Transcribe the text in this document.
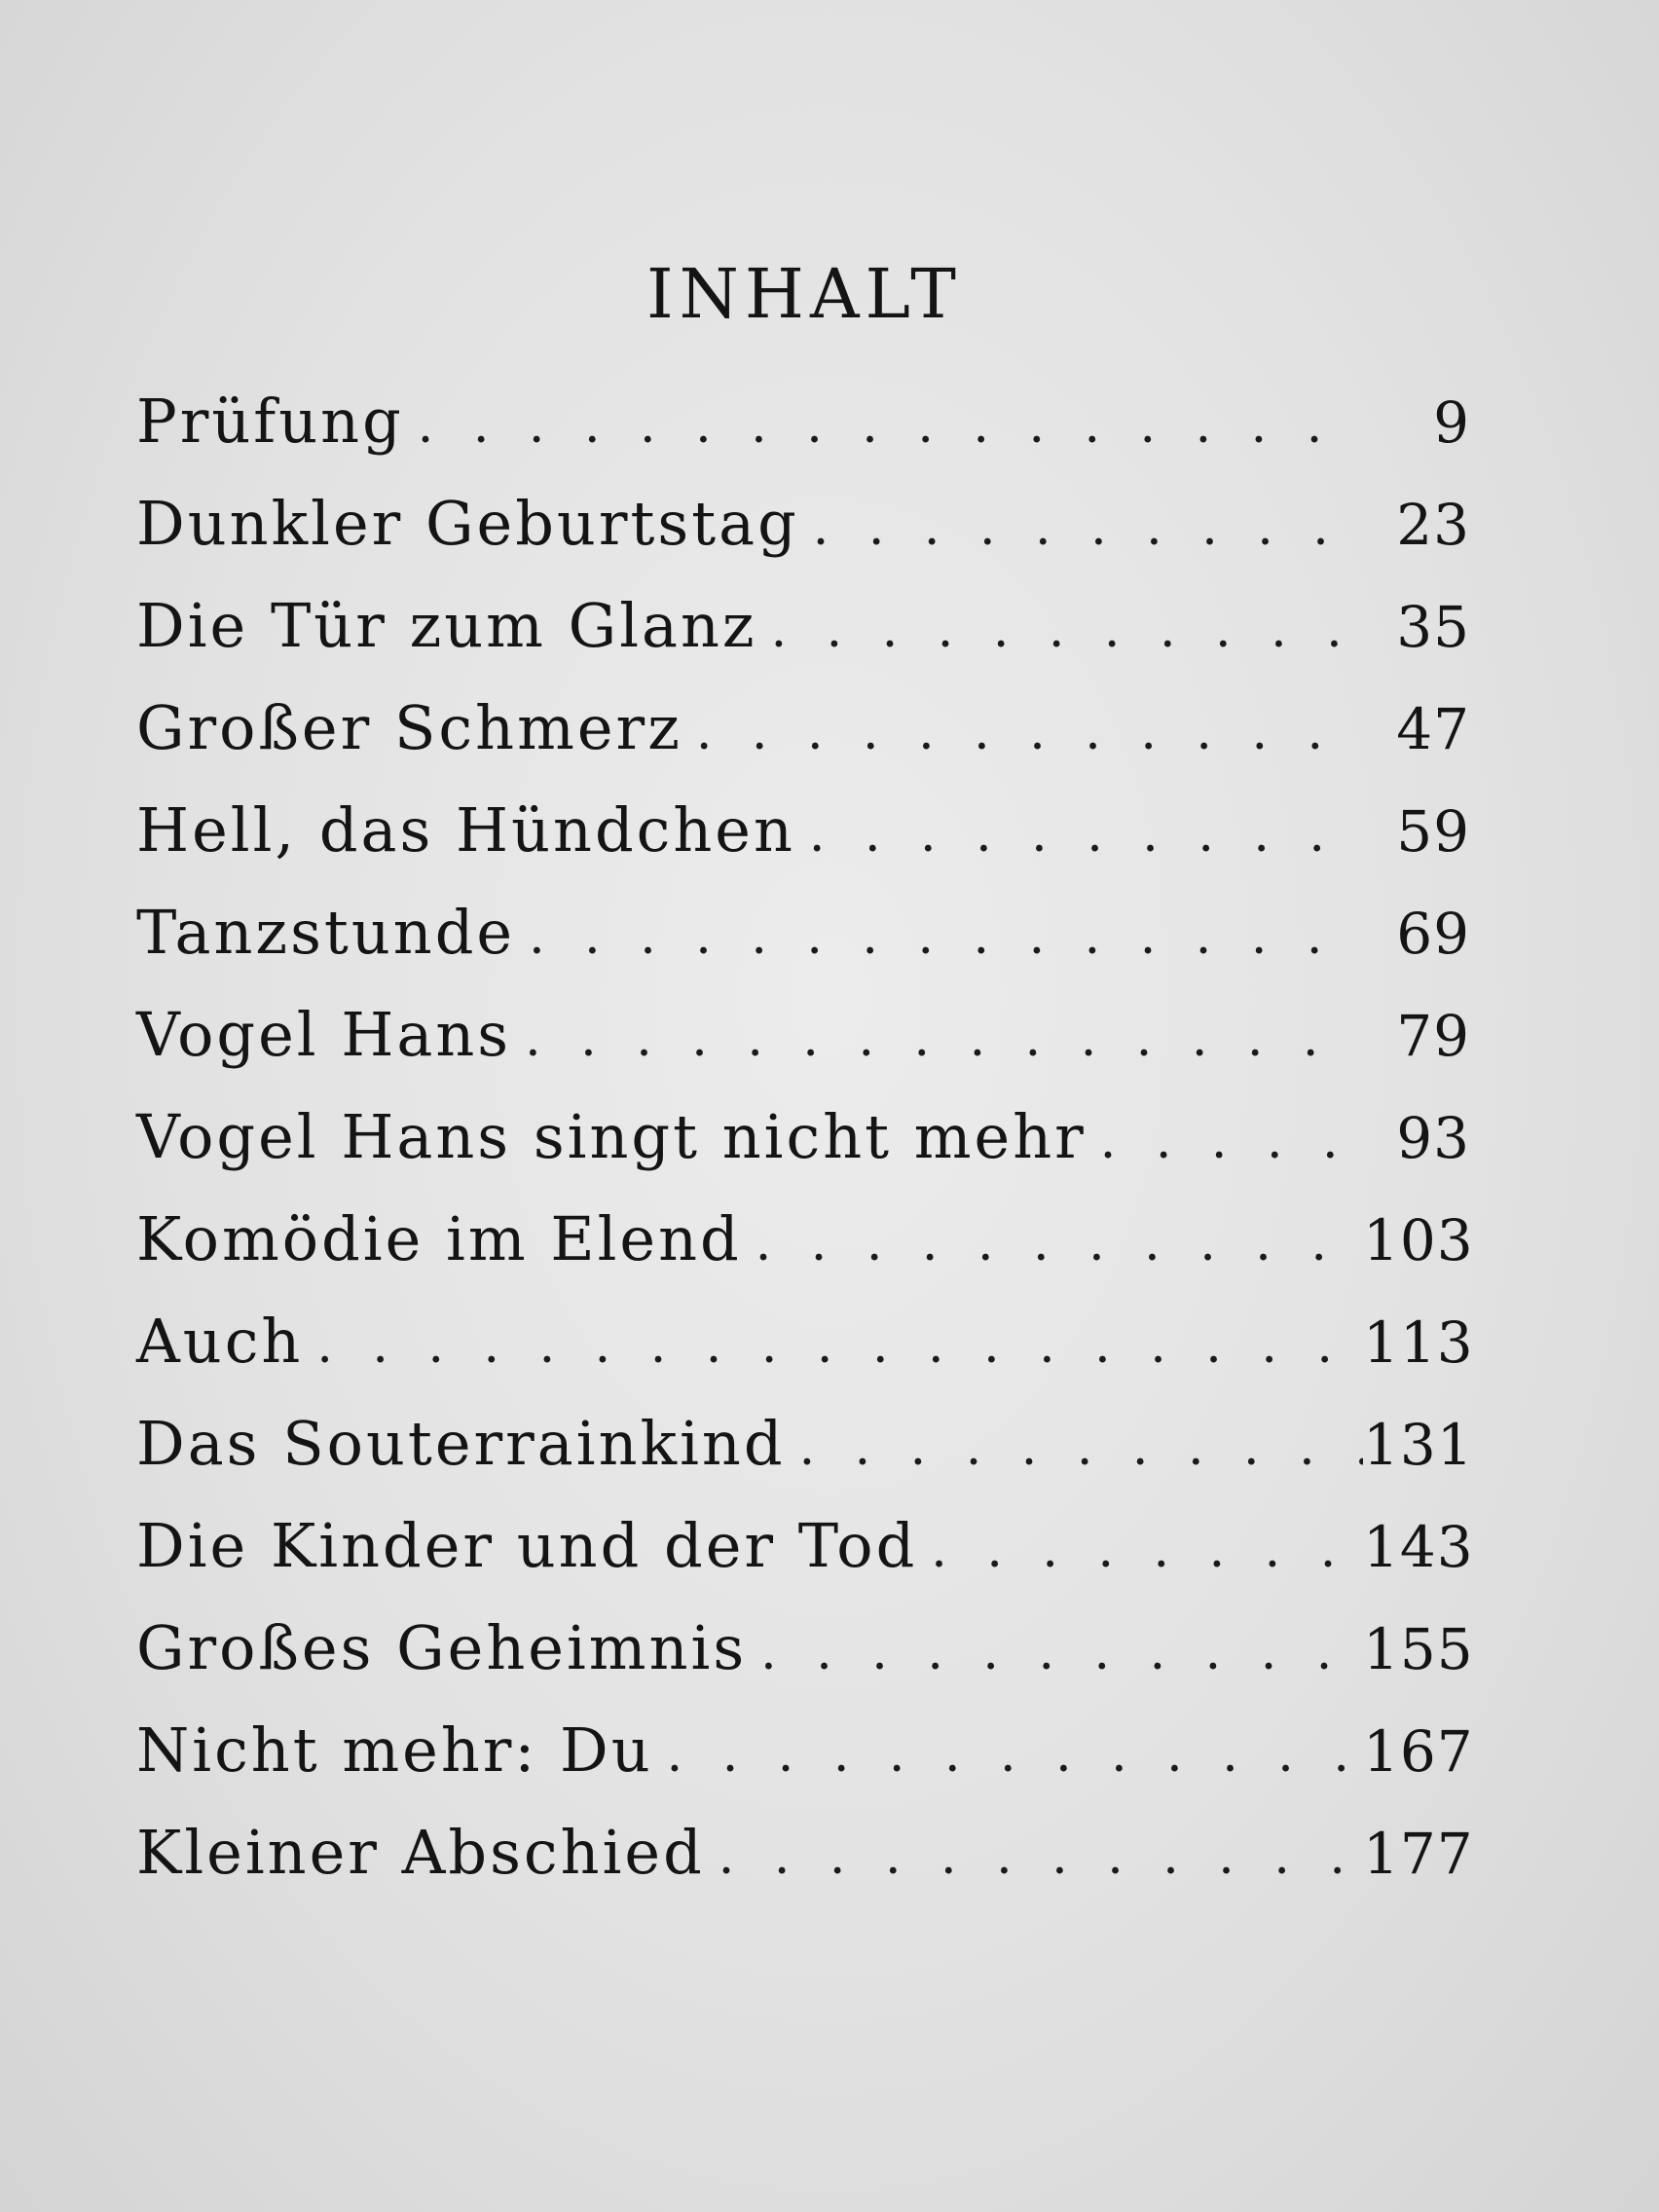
INHALT
Prüfung . . .	9
Dunkler Geburtstag . . .	23
Die Tür zum Glanz . . .	35
Großer Schmerz . . .	47
Hell, das Hündchen . . .	59
Tanzstunde . . .	69
Vogel Hans . . .	79
Vogel Hans singt nicht mehr . . .	93
Komödie im Elend . . .	103
Auch . . .	113
Das Souterrainkind . . .	131
Die Kinder und der Tod . . .	143
Großes Geheimnis . . .	155
Nicht mehr: Du . . .	167
Kleiner Abschied . . .	177
